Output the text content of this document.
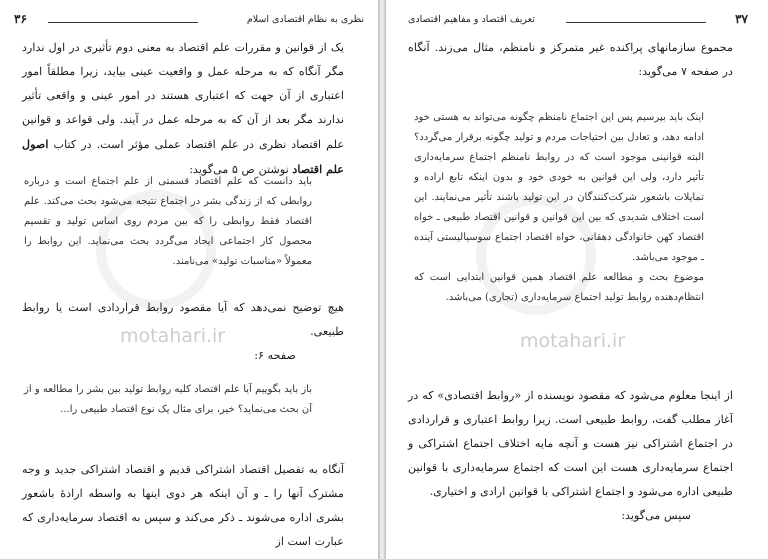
۳۶	نظری به نظام اقتصادی اسلام
motahari.ir

یک از قوانین و مقررات علم اقتصاد به معنی دوم تأثیری در اول ندارد مگر آنگاه که به مرحله عمل و واقعیت عینی بیاید، زیرا مطلقاً امور اعتباری از آن جهت که اعتباری هستند در امور عینی و واقعی تأثیر ندارند مگر بعد از آن که به مرحله عمل در آیند. ولی قواعد و قوانین علم اقتصاد نظری در علم اقتصاد عملی مؤثر است. در کتاب اصول علم اقتصاد نوشتن ص ۵ می‌گوید:

باید دانست که علم اقتصاد قسمتی از علم اجتماع است و درباره روابطی که از زندگی بشر در اجتماع نتیجه می‌شود بحث می‌کند. علم اقتصاد فقط روابطی را که بین مردم روی اساس تولید و تقسیم محصول کار اجتماعی ایجاد می‌گردد بحث می‌نماید. این روابط را معمولاً «مناسبات تولید» می‌نامند.

هیچ توضیح نمی‌دهد که آیا مقصود روابط قراردادی است یا روابط طبیعی.

صفحه ۶:

باز باید بگوییم آیا علم اقتصاد کلیه روابط تولید بین بشر را مطالعه و از آن بحث می‌نماید؟ خیر، برای مثال یک نوع اقتصاد طبیعی را...

آنگاه به تفصیل اقتصاد اشتراکی قدیم و اقتصاد اشتراکی جدید و وجه مشترک آنها را ـ و آن اینکه هر دوی اینها به واسطه ارادهٔ باشعور بشری اداره می‌شوند ـ ذکر می‌کند و سپس به اقتصاد سرمایه‌داری که عبارت است از

تعریف اقتصاد و مفاهیم اقتصادی	۳۷
motahari.ir

مجموع سازمانهای پراکنده غیر متمرکز و نامنظم، مثال می‌زند. آنگاه در صفحه ۷ می‌گوید:

اینک باید بپرسیم پس این اجتماع نامنظم چگونه می‌تواند به هستی خود ادامه دهد، و تعادل بین احتیاجات مردم و تولید چگونه برقرار می‌گردد؟ البته قوانینی موجود است که در روابط نامنظم اجتماع سرمایه‌داری تأثیر دارد، ولی این قوانین به خودی خود و بدون اینکه تابع اراده و تمایلات باشعور شرکت‌کنندگان در این تولید باشند تأثیر می‌نمایند. این است اختلاف شدیدی که بین این قوانین و قوانین اقتصاد طبیعی ـ خواه اقتصاد کهن خانوادگی دهقانی، خواه اقتصاد اجتماع سوسیالیستی آینده ـ موجود می‌باشد.

موضوع بحث و مطالعه علم اقتصاد همین قوانین ابتدایی است که انتظام‌دهنده روابط تولید اجتماع سرمایه‌داری (تجاری) می‌باشد.

از اینجا معلوم می‌شود که مقصود نویسنده از «روابط اقتصادی» که در آغاز مطلب گفت، روابط طبیعی است. زیرا روابط اعتباری و قراردادی در اجتماع اشتراکی نیز هست و آنچه مایه اختلاف اجتماع اشتراکی و اجتماع سرمایه‌داری هست این است که اجتماع سرمایه‌داری با قوانین طبیعی اداره می‌شود و اجتماع اشتراکی با قوانین ارادی و اختیاری.

سپس می‌گوید:
